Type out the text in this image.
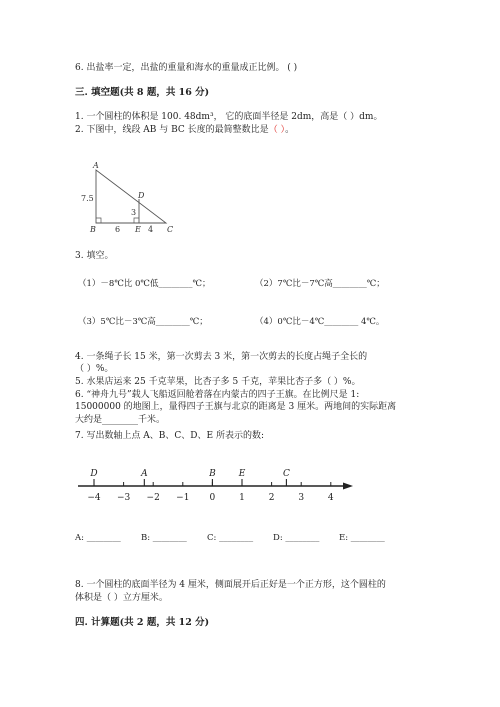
6. 出盐率一定，出盐的重量和海水的重量成正比例。 ( )
三. 填空题(共 8 题，共 16 分)
1. 一个圆柱的体积是 100. 48dm³， 它的底面半径是 2dm，高是（ ）dm。
2. 下图中，线段 AB 与 BC 长度的最简整数比是（ ）。
A
B	C
D
E
7.5
6	4
3
3. 填空。
（1）－8℃比 0℃低________℃；	（2）7℃比－7℃高________℃；
（3）5℃比－3℃高________℃；	（4）0℃比－4℃________ 4℃。
4. 一条绳子长 15 米，第一次剪去 3 米，第一次剪去的长度占绳子全长的
（ ）%。
5. 水果店运来 25 千克苹果，比杏子多 5 千克，苹果比杏子多（ ）%。
6. “神舟九号”载人飞船返回舱着落在内蒙古的四子王旗。在比例尺是 1:
15000000 的地图上，量得四子王旗与北京的距离是 3 厘米。两地间的实际距离
大约是________千米。
7. 写出数轴上点 A、B、C、D、E 所表示的数:
−4 −3 −2 −1 0	1	2	3	4
D	A	B	E	C
A: ________ B: ________ C: ________ D: ________ E: ________
8. 一个圆柱的底面半径为 4 厘米，侧面展开后正好是一个正方形，这个圆柱的
体积是（ ）立方厘米。
四. 计算题(共 2 题，共 12 分)
